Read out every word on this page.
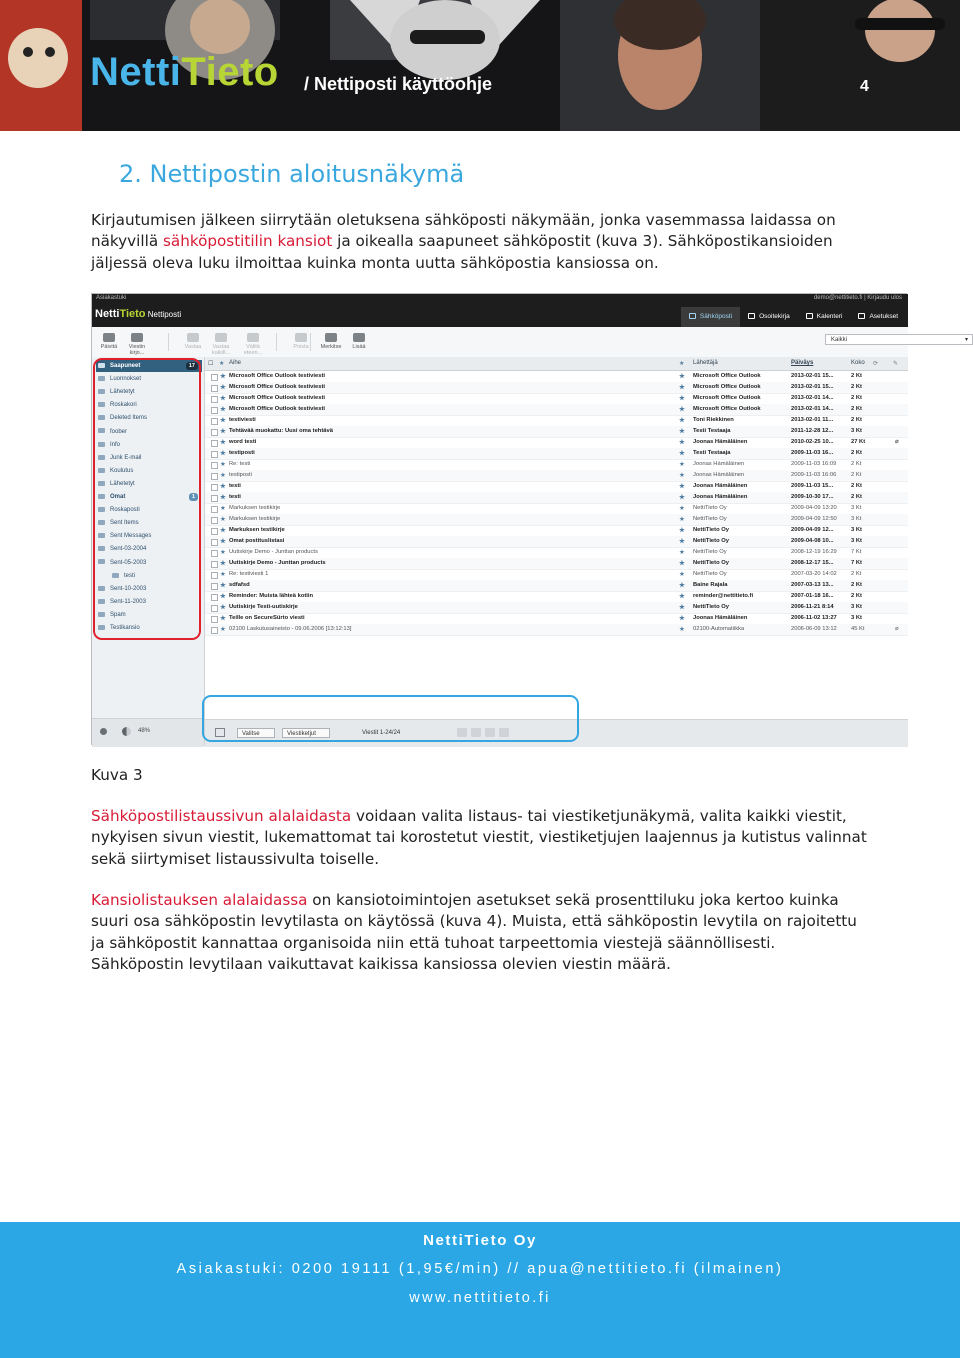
NettiTieto / Nettiposti käyttöohje	4
2. Nettipostin aloitusnäkymä

Kirjautumisen jälkeen siirrytään oletuksena sähköposti näkymään, jonka vasemmassa laidassa on näkyvillä sähköpostitilin kansiot ja oikealla saapuneet sähköpostit (kuva 3). Sähköpostikansioiden jäljessä oleva luku ilmoittaa kuinka monta uutta sähköpostia kansiossa on.

Asiakastuki	demo@nettitieto.fi | Kirjaudu ulos
NettiTieto Nettiposti	Sähköposti	Osoitekirja	Kalenteri	Asetukset
Päivitä	Viestin kirjo...
Vastaa	Vastaa kaikill...
Välitä eteen...
Poista	Merkitse	Lisää
Saapuneet	17
Luonnokset
Lähetetyt
Roskakori
Deleted Items
foober
Info
Junk E-mail
Koulutus
Lähetetyt
Omat	1
Roskaposti
Sent Items
Sent Messages
Sent-03-2004
Sent-05-2003
testi
Sent-10-2003
Sent-11-2003
Spam
Testikansio
48%
Kaikki	▾
☐ ★ Aihe	★ Lähettäjä	Päiväys	Koko ⟳ ✎
★ Microsoft Office Outlook testiviesti	★	Microsoft Office Outlook	2013-02-01 15...	2 Kt
★ Microsoft Office Outlook testiviesti	★	Microsoft Office Outlook	2013-02-01 15...	2 Kt
★ Microsoft Office Outlook testiviesti	★	Microsoft Office Outlook	2013-02-01 14...	2 Kt
★ Microsoft Office Outlook testiviesti	★	Microsoft Office Outlook	2013-02-01 14...	2 Kt
★ testiviesti	★	Toni Riekkinen	2013-02-01 11...	2 Kt
★ Tehtävää muokattu: Uusi oma tehtävä	★	Testi Testaaja	2011-12-28 12...	3 Kt
★ word testi	★	Joonas Hämäläinen	2010-02-25 10...	27 Kt	⌀
★ testiposti	★	Testi Testaaja	2009-11-03 16...	2 Kt
★ Re: testi	★	Joonas Hämäläinen	2009-11-03 16:09	2 Kt
★ testiposti	★	Joonas Hämäläinen	2009-11-03 16:06	2 Kt
★ testi	★	Joonas Hämäläinen	2009-11-03 15...	2 Kt
★ testi	★	Joonas Hämäläinen	2009-10-30 17...	2 Kt
★ Markuksen testikirje	★	NettiTieto Oy	2009-04-09 13:20	3 Kt
★ Markuksen testikirje	★	NettiTieto Oy	2009-04-09 12:50	3 Kt
★ Markuksen testikirje	★	NettiTieto Oy	2009-04-09 12...	3 Kt
★ Omat postituslistasi	★	NettiTieto Oy	2009-04-08 10...	3 Kt
★ Uutiskirje Demo - Junttan products	★	NettiTieto Oy	2008-12-19 16:29	7 Kt
★ Uutiskirje Demo - Junttan products	★	NettiTieto Oy	2008-12-17 15...	7 Kt
★ Re: testiviesti 1	★	NettiTieto Oy	2007-03-20 14:02	2 Kt
★ sdfafsd	★	Baine Rajala	2007-03-13 13...	2 Kt
★ Reminder: Muista lähteä kotiin	★	reminder@nettitieto.fi	2007-01-18 16...	2 Kt
★ Uutiskirje Testi-uutiskirje	★	NettiTieto Oy	2006-11-21 8:14	3 Kt
★ Teille on SecureSürto viesti	★	Joonas Hämäläinen	2006-11-02 13:27	3 Kt
★ 02100 Laskutusaineisto - 09.06.2006 [13:12:13]	★	02100-Automatiikka	2006-06-09 13:12	45 Kt	⌀
Valitse	Viestiketjut	Viestit 1-24/24
Kuva 3

Sähköpostilistaussivun alalaidasta voidaan valita listaus- tai viestiketjunäkymä, valita kaikki viestit, nykyisen sivun viestit, lukemattomat tai korostetut viestit, viestiketjujen laajennus ja kutistus valinnat sekä siirtymiset listaussivulta toiselle.

Kansiolistauksen alalaidassa on kansiotoimintojen asetukset sekä prosenttiluku joka kertoo kuinka suuri osa sähköpostin levytilasta on käytössä (kuva 4). Muista, että sähköpostin levytila on rajoitettu ja sähköpostit kannattaa organisoida niin että tuhoat tarpeettomia viestejä säännöllisesti. Sähköpostin levytilaan vaikuttavat kaikissa kansiossa olevien viestin määrä.

NettiTieto Oy
Asiakastuki: 0200 19111 (1,95€/min) // apua@nettitieto.fi (ilmainen)
www.nettitieto.fi
